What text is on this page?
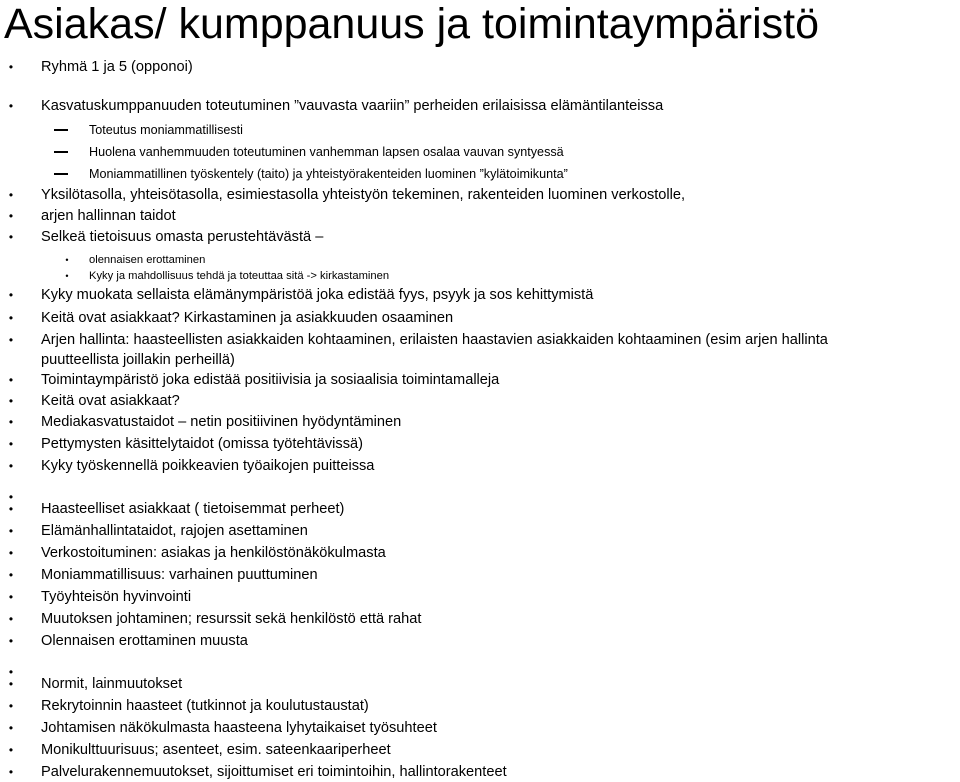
Asiakas/ kumppanuus ja toimintaympäristö
• Ryhmä 1 ja 5 (opponoi)
• Kasvatuskumppanuuden toteutuminen ”vauvasta vaariin” perheiden erilaisissa elämäntilanteissa
Toteutus moniammatillisesti
Huolena vanhemmuuden toteutuminen vanhemman lapsen osalaa vauvan syntyessä
Moniammatillinen työskentely (taito) ja yhteistyörakenteiden luominen ”kylätoimikunta”
• Yksilötasolla, yhteisötasolla, esimiestasolla yhteistyön tekeminen, rakenteiden luominen verkostolle,
• arjen hallinnan taidot
• Selkeä tietoisuus omasta perustehtävästä –
•	olennaisen erottaminen
•	Kyky ja mahdollisuus tehdä ja toteuttaa sitä -> kirkastaminen
• Kyky muokata sellaista elämänympäristöä joka edistää fyys, psyyk ja sos kehittymistä
• Keitä ovat asiakkaat? Kirkastaminen ja asiakkuuden osaaminen
• Arjen hallinta: haasteellisten asiakkaiden kohtaaminen, erilaisten haastavien asiakkaiden kohtaaminen (esim arjen hallinta
puutteellista joillakin perheillä)
• Toimintaympäristö joka edistää positiivisia ja sosiaalisia toimintamalleja
• Keitä ovat asiakkaat?
• Mediakasvatustaidot – netin positiivinen hyödyntäminen
• Pettymysten käsittelytaidot (omissa työtehtävissä)
• Kyky työskennellä poikkeavien työaikojen puitteissa
•
• Haasteelliset asiakkaat ( tietoisemmat perheet)
• Elämänhallintataidot, rajojen asettaminen
• Verkostoituminen: asiakas ja henkilöstönäkökulmasta
• Moniammatillisuus: varhainen puuttuminen
• Työyhteisön hyvinvointi
• Muutoksen johtaminen; resurssit sekä henkilöstö että rahat
• Olennaisen erottaminen muusta
•
• Normit, lainmuutokset
• Rekrytoinnin haasteet (tutkinnot ja koulutustaustat)
• Johtamisen näkökulmasta haasteena lyhytaikaiset työsuhteet
• Monikulttuurisuus; asenteet, esim. sateenkaariperheet
• Palvelurakennemuutokset, sijoittumiset eri toimintoihin, hallintorakenteet
